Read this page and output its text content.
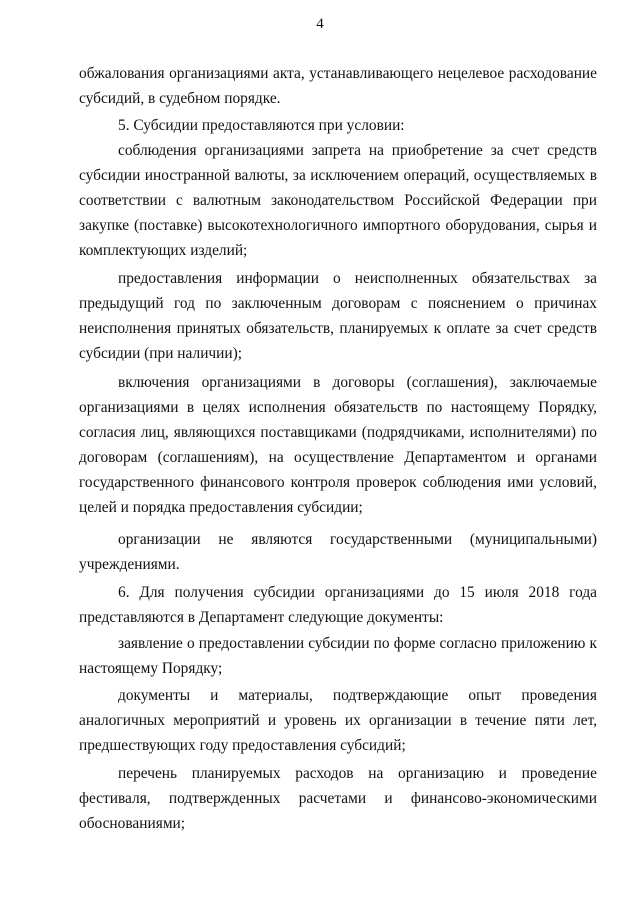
4

обжалования организациями акта, устанавливающего нецелевое расходование субсидий, в судебном порядке.

5. Субсидии предоставляются при условии:

соблюдения организациями запрета на приобретение за счет средств субсидии иностранной валюты, за исключением операций, осуществляемых в соответствии с валютным законодательством Российской Федерации при закупке (поставке) высокотехнологичного импортного оборудования, сырья и комплектующих изделий;

предоставления информации о неисполненных обязательствах за предыдущий год по заключенным договорам с пояснением о причинах неисполнения принятых обязательств, планируемых к оплате за счет средств субсидии (при наличии);

включения организациями в договоры (соглашения), заключаемые организациями в целях исполнения обязательств по настоящему Порядку, согласия лиц, являющихся поставщиками (подрядчиками, исполнителями) по договорам (соглашениям), на осуществление Департаментом и органами государственного финансового контроля проверок соблюдения ими условий, целей и порядка предоставления субсидии;

организации не являются государственными (муниципальными) учреждениями.

6. Для получения субсидии организациями до 15 июля 2018 года представляются в Департамент следующие документы:

заявление о предоставлении субсидии по форме согласно приложению к настоящему Порядку;

документы и материалы, подтверждающие опыт проведения аналогичных мероприятий и уровень их организации в течение пяти лет, предшествующих году предоставления субсидий;

перечень планируемых расходов на организацию и проведение фестиваля, подтвержденных расчетами и финансово-экономическими обоснованиями;
